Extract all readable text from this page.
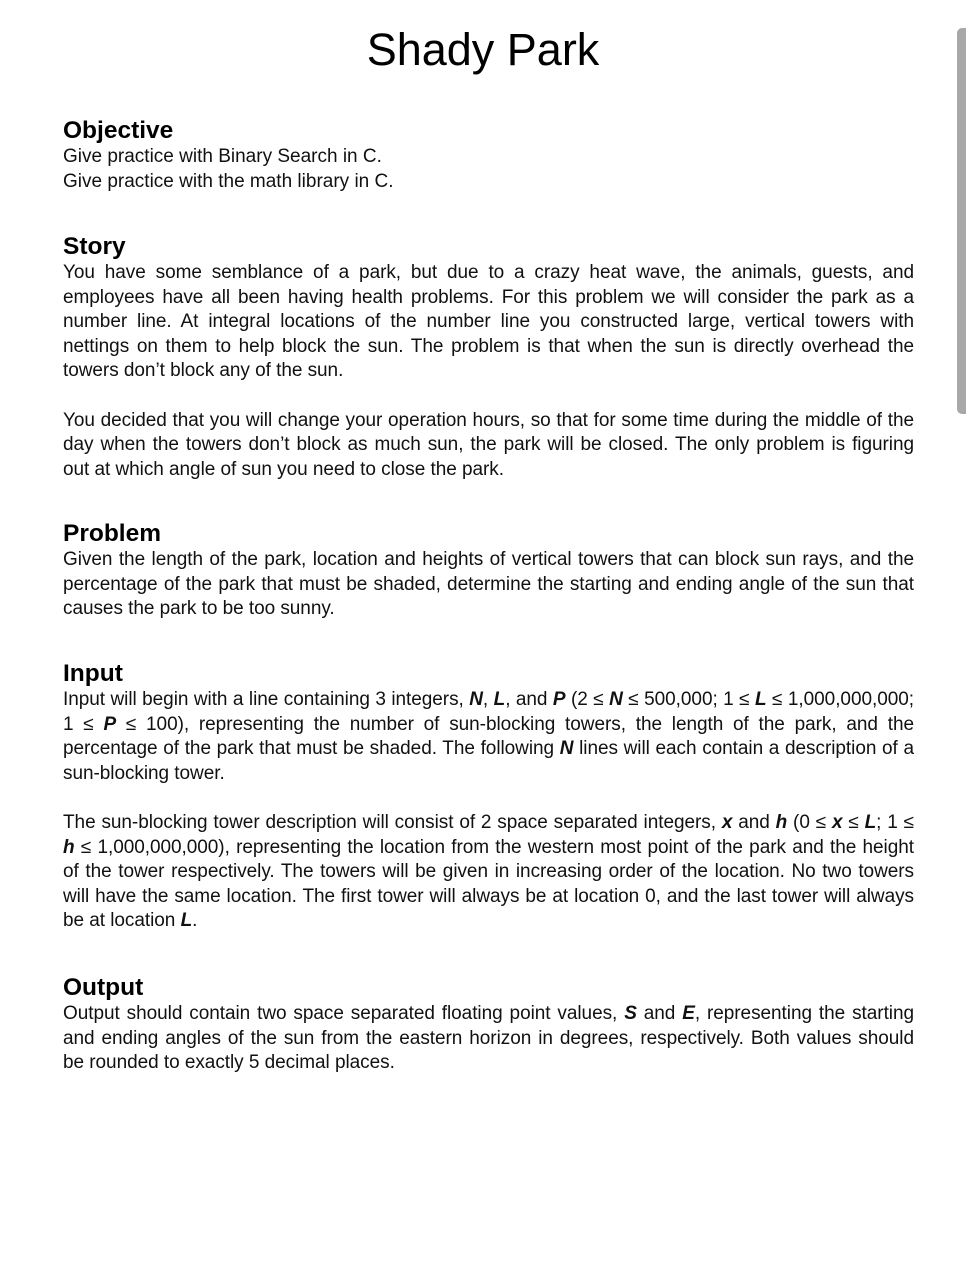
Shady Park
Objective

Give practice with Binary Search in C.

Give practice with the math library in C.

Story

You have some semblance of a park, but due to a crazy heat wave, the animals, guests, and employees have all been having health problems. For this problem we will consider the park as a number line. At integral locations of the number line you constructed large, vertical towers with nettings on them to help block the sun. The problem is that when the sun is directly overhead the towers don’t block any of the sun.

You decided that you will change your operation hours, so that for some time during the middle of the day when the towers don’t block as much sun, the park will be closed. The only problem is figuring out at which angle of sun you need to close the park.

Problem

Given the length of the park, location and heights of vertical towers that can block sun rays, and the percentage of the park that must be shaded, determine the starting and ending angle of the sun that causes the park to be too sunny.

Input

Input will begin with a line containing 3 integers, N, L, and P (2 ≤ N ≤ 500,000; 1 ≤ L ≤ 1,000,000,000; 1 ≤ P ≤ 100), representing the number of sun-blocking towers, the length of the park, and the percentage of the park that must be shaded. The following N lines will each contain a description of a sun-blocking tower.

The sun-blocking tower description will consist of 2 space separated integers, x and h (0 ≤ x ≤ L; 1 ≤ h ≤ 1,000,000,000), representing the location from the western most point of the park and the height of the tower respectively. The towers will be given in increasing order of the location. No two towers will have the same location. The first tower will always be at location 0, and the last tower will always be at location L.

Output

Output should contain two space separated floating point values, S and E, representing the starting and ending angles of the sun from the eastern horizon in degrees, respectively. Both values should be rounded to exactly 5 decimal places.
